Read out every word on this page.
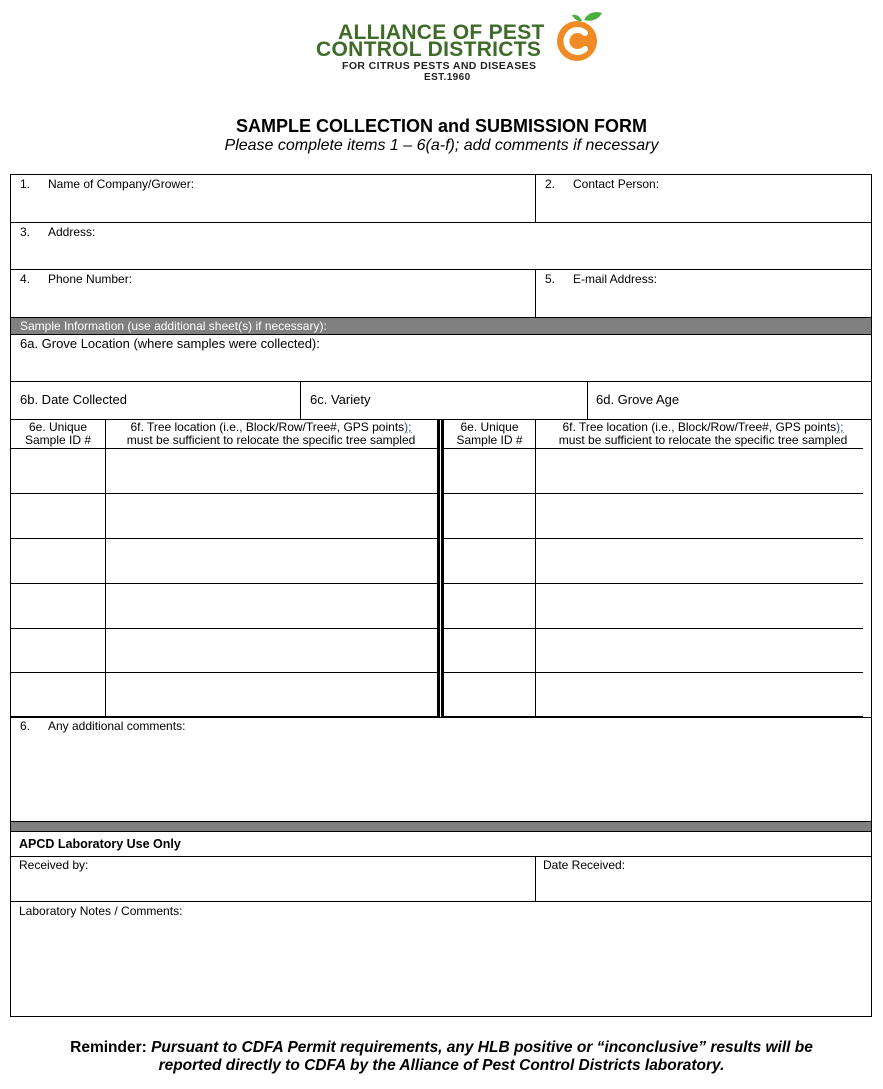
ALLIANCE OF PEST
CONTROL DISTRICTS
FOR CITRUS PESTS AND DISEASES
EST.1960
SAMPLE COLLECTION and SUBMISSION FORM
Please complete items 1 – 6(a-f); add comments if necessary
1. Name of Company/Grower:	2. Contact Person:
3. Address:
4. Phone Number:	5. E-mail Address:
Sample Information (use additional sheet(s) if necessary):
6a. Grove Location (where samples were collected):
6b. Date Collected	6c. Variety	6d. Grove Age
6e. Unique
Sample ID #
6f. Tree location (i.e., Block/Row/Tree#, GPS points);
must be sufficient to relocate the specific tree sampled
6e. Unique
Sample ID #
6f. Tree location (i.e., Block/Row/Tree#, GPS points);
must be sufficient to relocate the specific tree sampled
6. Any additional comments:
APCD Laboratory Use Only
Received by:	Date Received:
Laboratory Notes / Comments:
Reminder: Pursuant to CDFA Permit requirements, any HLB positive or “inconclusive” results will be
reported directly to CDFA by the Alliance of Pest Control Districts laboratory.
